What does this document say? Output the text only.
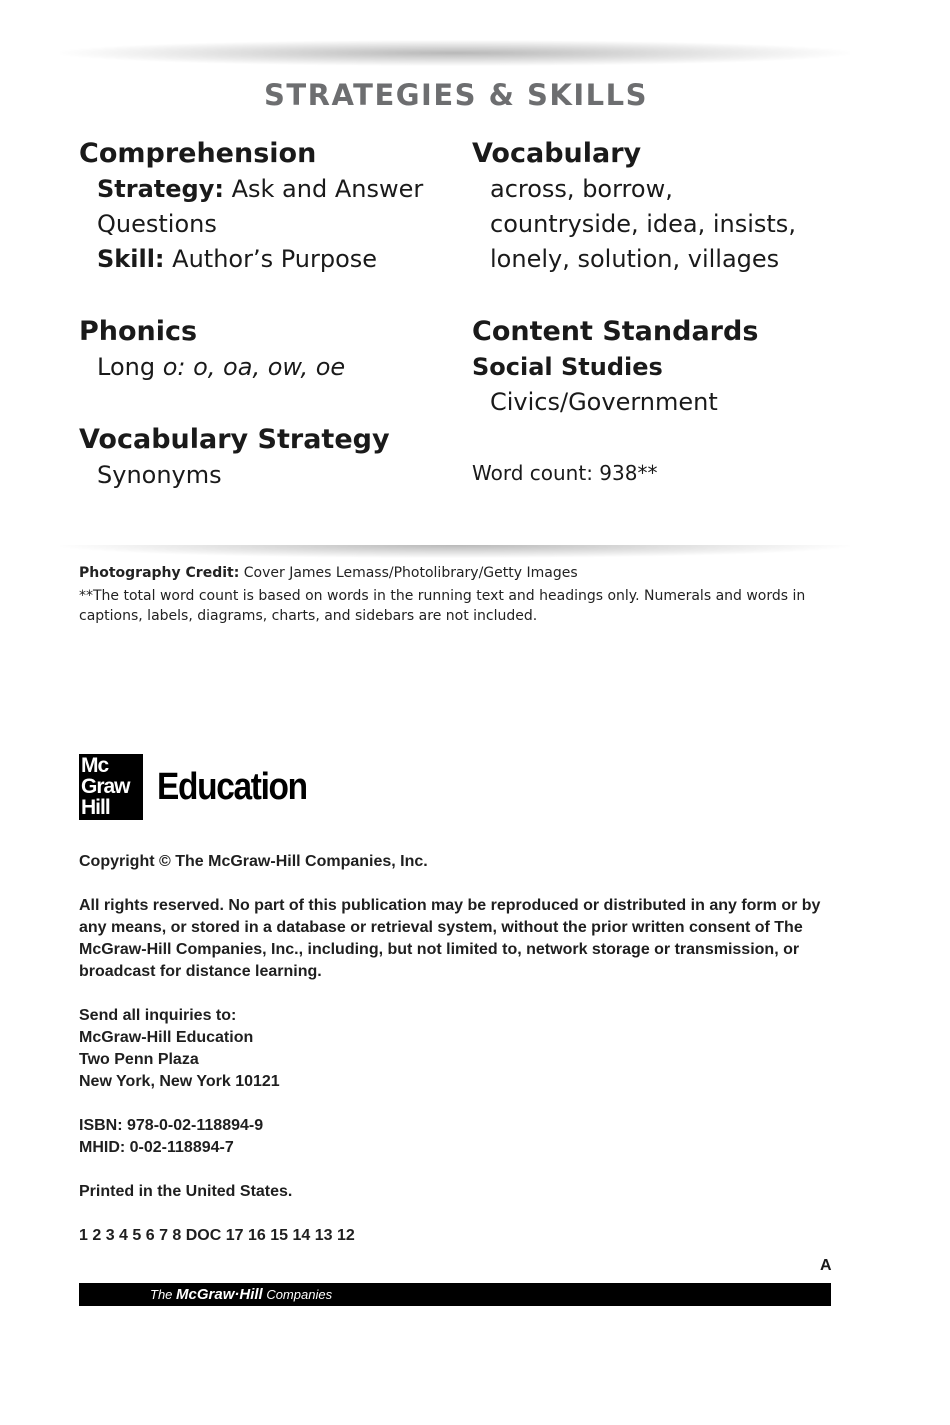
STRATEGIES & SKILLS
Comprehension
Strategy: Ask and Answer
Questions
Skill: Author’s Purpose
Phonics
Long o: o, oa, ow, oe
Vocabulary Strategy
Synonyms
Vocabulary
across, borrow,
countryside, idea, insists,
lonely, solution, villages
Content Standards
Social Studies
Civics/Government
Word count: 938**

Photography Credit: Cover James Lemass/Photolibrary/Getty Images

**The total word count is based on words in the running text and headings only. Numerals and words in captions, labels, diagrams, charts, and sidebars are not included.

Mc
Graw
Hill	Education

Copyright © The McGraw-Hill Companies, Inc.

All rights reserved. No part of this publication may be reproduced or distributed in any form or by any means, or stored in a database or retrieval system, without the prior written consent of The McGraw-Hill Companies, Inc., including, but not limited to, network storage or transmission, or broadcast for distance learning.

Send all inquiries to:
McGraw-Hill Education
Two Penn Plaza
New York, New York 10121

ISBN: 978-0-02-118894-9
MHID: 0-02-118894-7

Printed in the United States.

1 2 3 4 5 6 7 8 DOC 17 16 15 14 13 12

A
The McGraw·Hill Companies
